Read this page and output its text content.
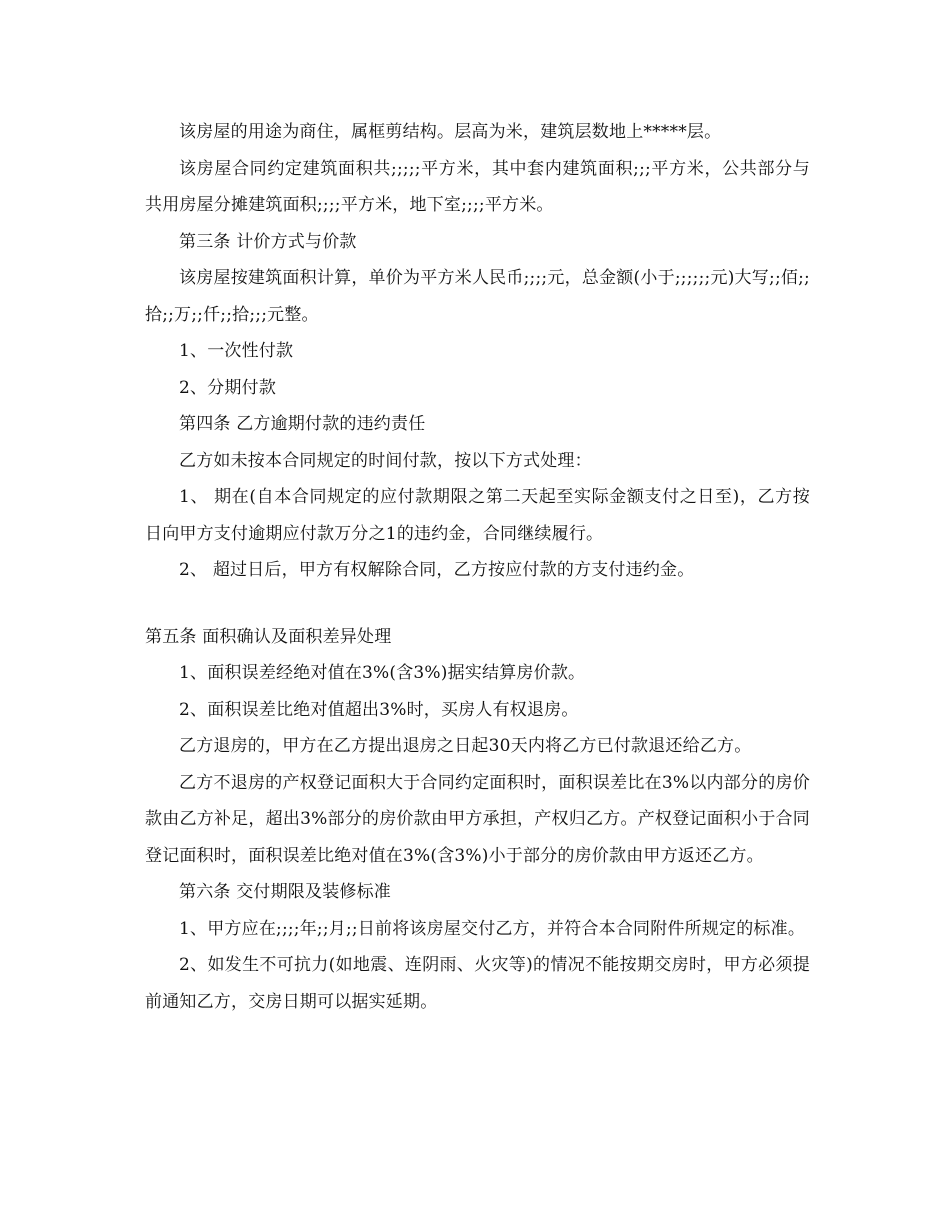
该房屋的用途为商住，属框剪结构。层高为米，建筑层数地上*****层。

该房屋合同约定建筑面积共;;;;;平方米，其中套内建筑面积;;;平方米，公共部分与共用房屋分摊建筑面积;;;;平方米，地下室;;;;平方米。

第三条 计价方式与价款

该房屋按建筑面积计算，单价为平方米人民币;;;;元，总金额(小于;;;;;;元)大写;;佰;;拾;;万;;仟;;拾;;;元整。

1、一次性付款

2、分期付款

第四条 乙方逾期付款的违约责任

乙方如未按本合同规定的时间付款，按以下方式处理：

1、 期在(自本合同规定的应付款期限之第二天起至实际金额支付之日至)，乙方按日向甲方支付逾期应付款万分之1的违约金，合同继续履行。

2、 超过日后，甲方有权解除合同，乙方按应付款的方支付违约金。

第五条 面积确认及面积差异处理

1、面积误差经绝对值在3%(含3%)据实结算房价款。

2、面积误差比绝对值超出3%时，买房人有权退房。

乙方退房的，甲方在乙方提出退房之日起30天内将乙方已付款退还给乙方。

乙方不退房的产权登记面积大于合同约定面积时，面积误差比在3%以内部分的房价款由乙方补足，超出3%部分的房价款由甲方承担，产权归乙方。产权登记面积小于合同登记面积时，面积误差比绝对值在3%(含3%)小于部分的房价款由甲方返还乙方。

第六条 交付期限及装修标准

1、甲方应在;;;;年;;月;;日前将该房屋交付乙方，并符合本合同附件所规定的标准。

2、如发生不可抗力(如地震、连阴雨、火灾等)的情况不能按期交房时，甲方必须提前通知乙方，交房日期可以据实延期。
